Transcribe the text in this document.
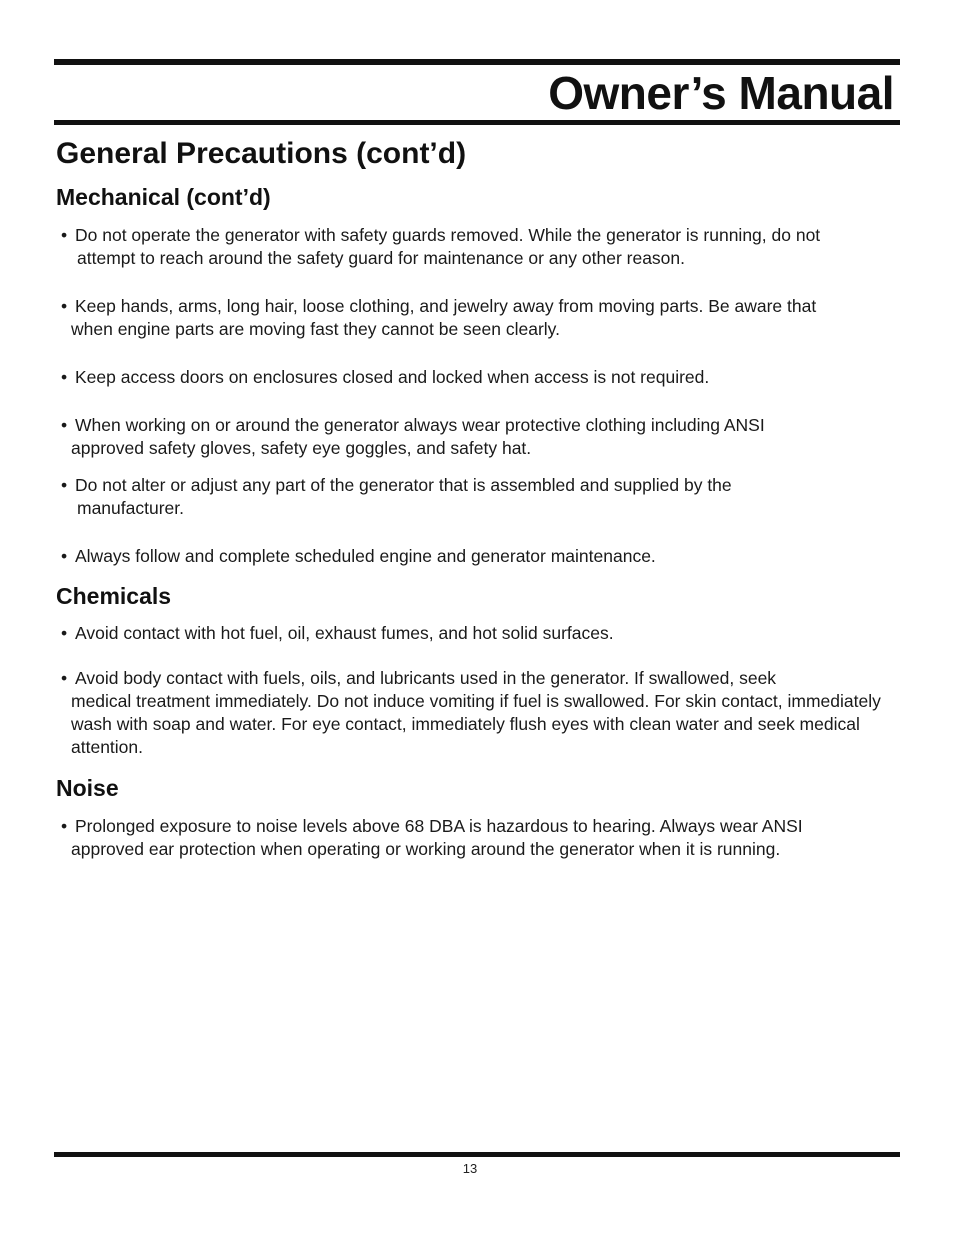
Owner’s Manual
General Precautions (cont’d)
Mechanical (cont’d)

• Do not operate the generator with safety guards removed. While the generator is running, do not
attempt to reach around the safety guard for maintenance or any other reason.

• Keep hands, arms, long hair, loose clothing, and jewelry away from moving parts. Be aware that
when engine parts are moving fast they cannot be seen clearly.

• Keep access doors on enclosures closed and locked when access is not required.

• When working on or around the generator always wear protective clothing including ANSI
approved safety gloves, safety eye goggles, and safety hat.

• Do not alter or adjust any part of the generator that is assembled and supplied by the
manufacturer.

• Always follow and complete scheduled engine and generator maintenance.

Chemicals

• Avoid contact with hot fuel, oil, exhaust fumes, and hot solid surfaces.

• Avoid body contact with fuels, oils, and lubricants used in the generator. If swallowed, seek
medical treatment immediately. Do not induce vomiting if fuel is swallowed. For skin contact, immediately wash with soap and water. For eye contact, immediately flush eyes with clean water and seek medical attention.

Noise

• Prolonged exposure to noise levels above 68 DBA is hazardous to hearing. Always wear ANSI
approved ear protection when operating or working around the generator when it is running.

13
